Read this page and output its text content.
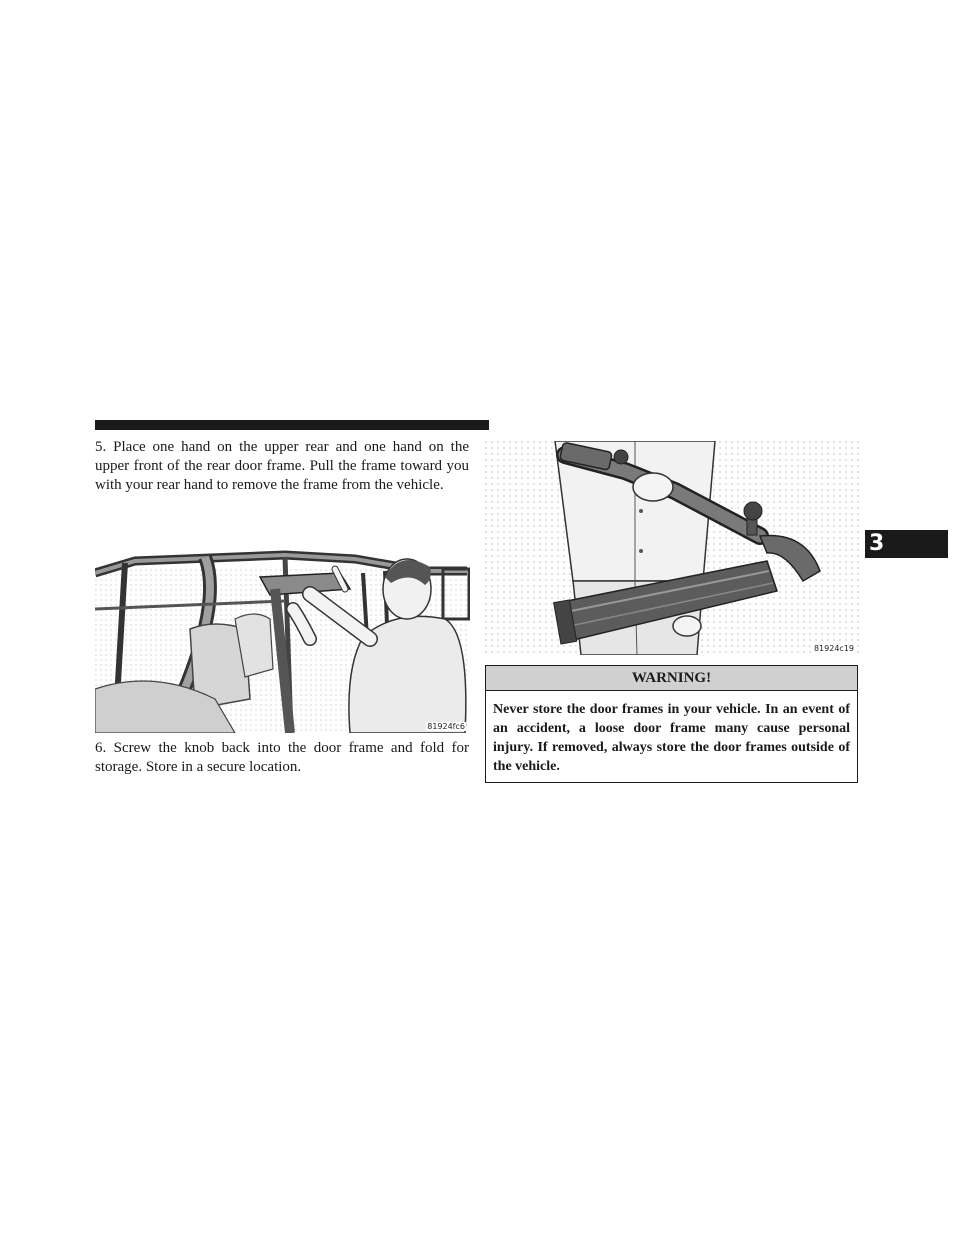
5. Place one hand on the upper rear and one hand on the upper front of the rear door frame. Pull the frame toward you with your rear hand to remove the frame from the vehicle.

81924fc6

6. Screw the knob back into the door frame and fold for storage. Store in a secure location.

81924c19
WARNING!

Never store the door frames in your vehicle. In an event of an accident, a loose door frame many cause personal injury. If removed, always store the door frames outside of the vehicle.

3
